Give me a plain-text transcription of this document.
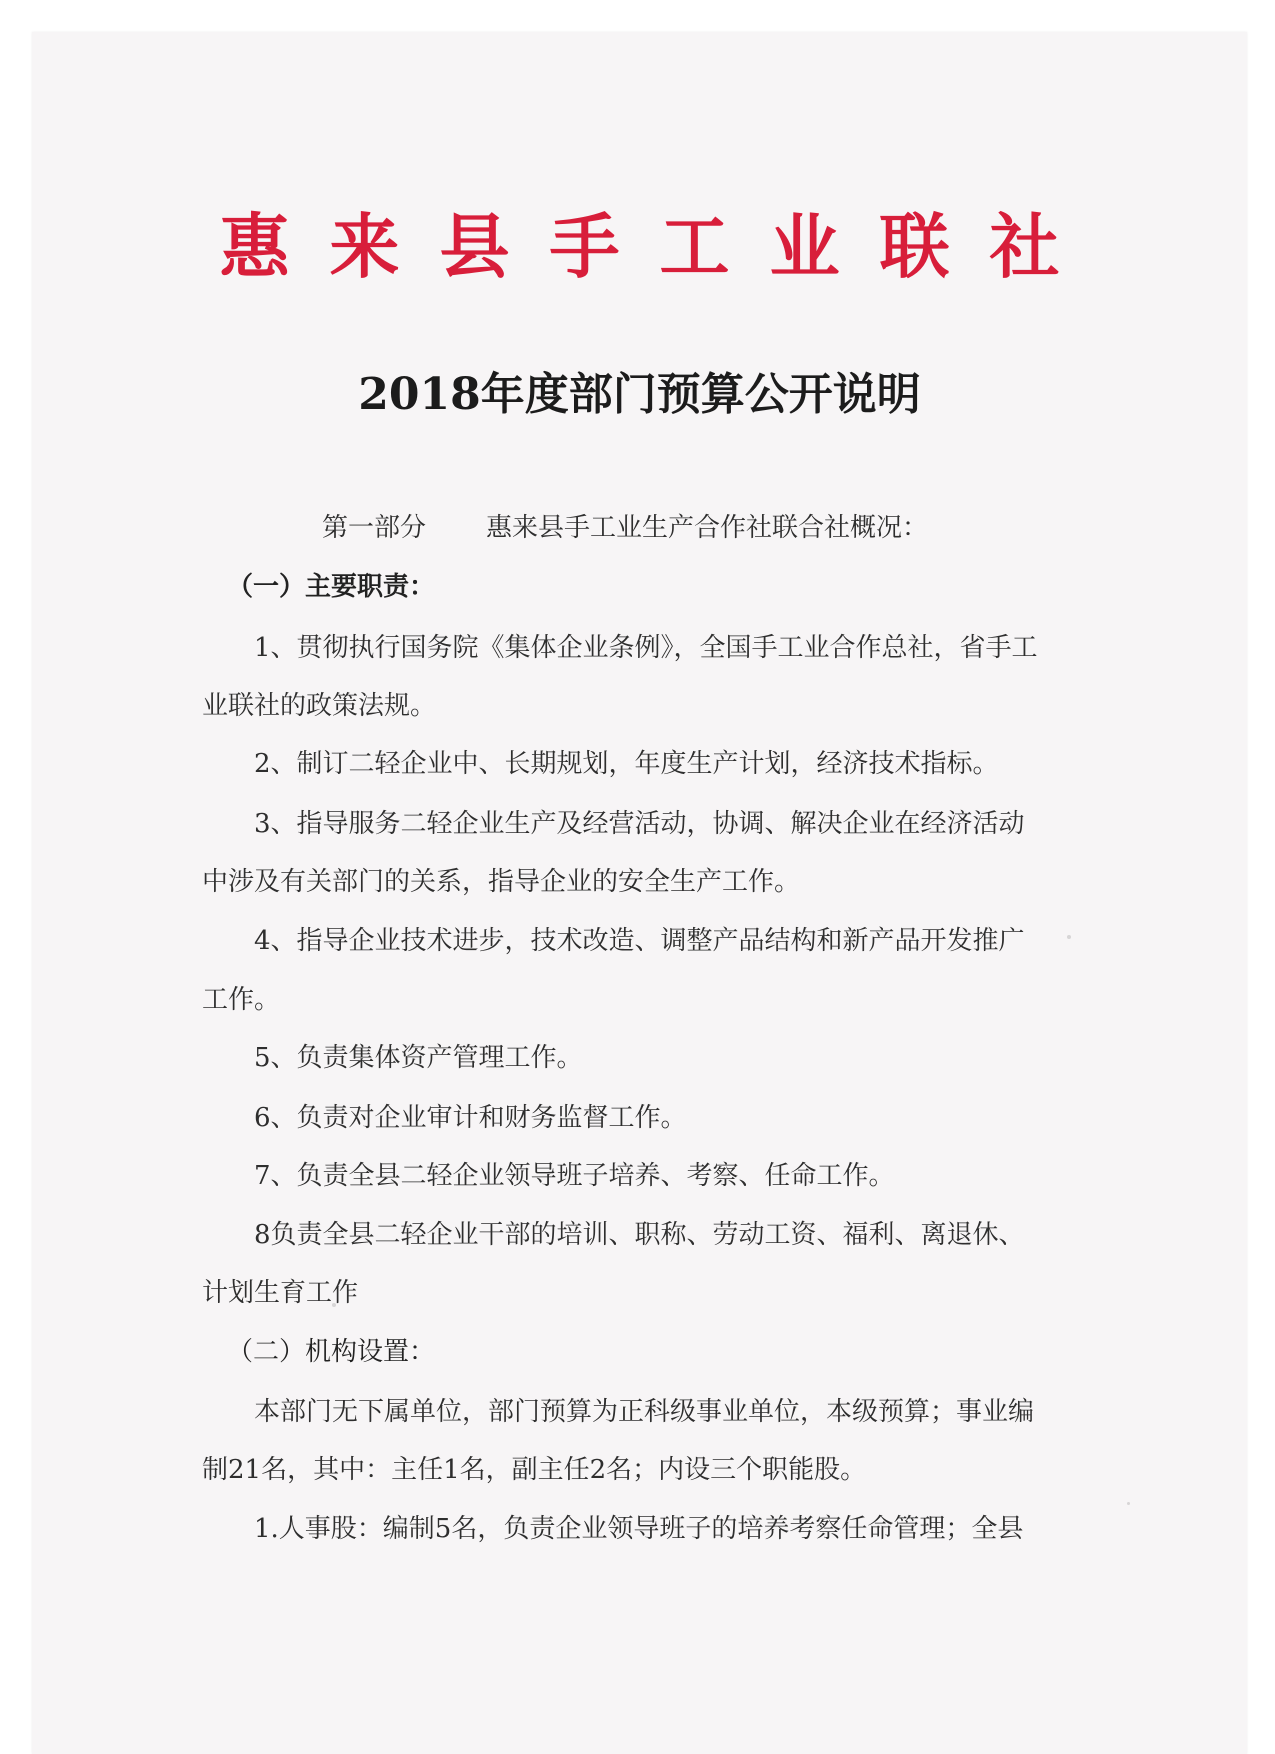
惠来县手工业联社
2018年度部门预算公开说明
第一部分 惠来县手工业生产合作社联合社概况：
（一）主要职责：
1、贯彻执行国务院《集体企业条例》，全国手工业合作总社，省手工
业联社的政策法规。
2、制订二轻企业中、长期规划，年度生产计划，经济技术指标。
3、指导服务二轻企业生产及经营活动，协调、解决企业在经济活动
中涉及有关部门的关系，指导企业的安全生产工作。
4、指导企业技术进步，技术改造、调整产品结构和新产品开发推广
工作。
5、负责集体资产管理工作。
6、负责对企业审计和财务监督工作。
7、负责全县二轻企业领导班子培养、考察、任命工作。
8负责全县二轻企业干部的培训、职称、劳动工资、福利、离退休、
计划生育工作
（二）机构设置：
本部门无下属单位，部门预算为正科级事业单位，本级预算；事业编
制21名，其中：主任1名，副主任2名；内设三个职能股。
1.人事股：编制5名，负责企业领导班子的培养考察任命管理；全县
